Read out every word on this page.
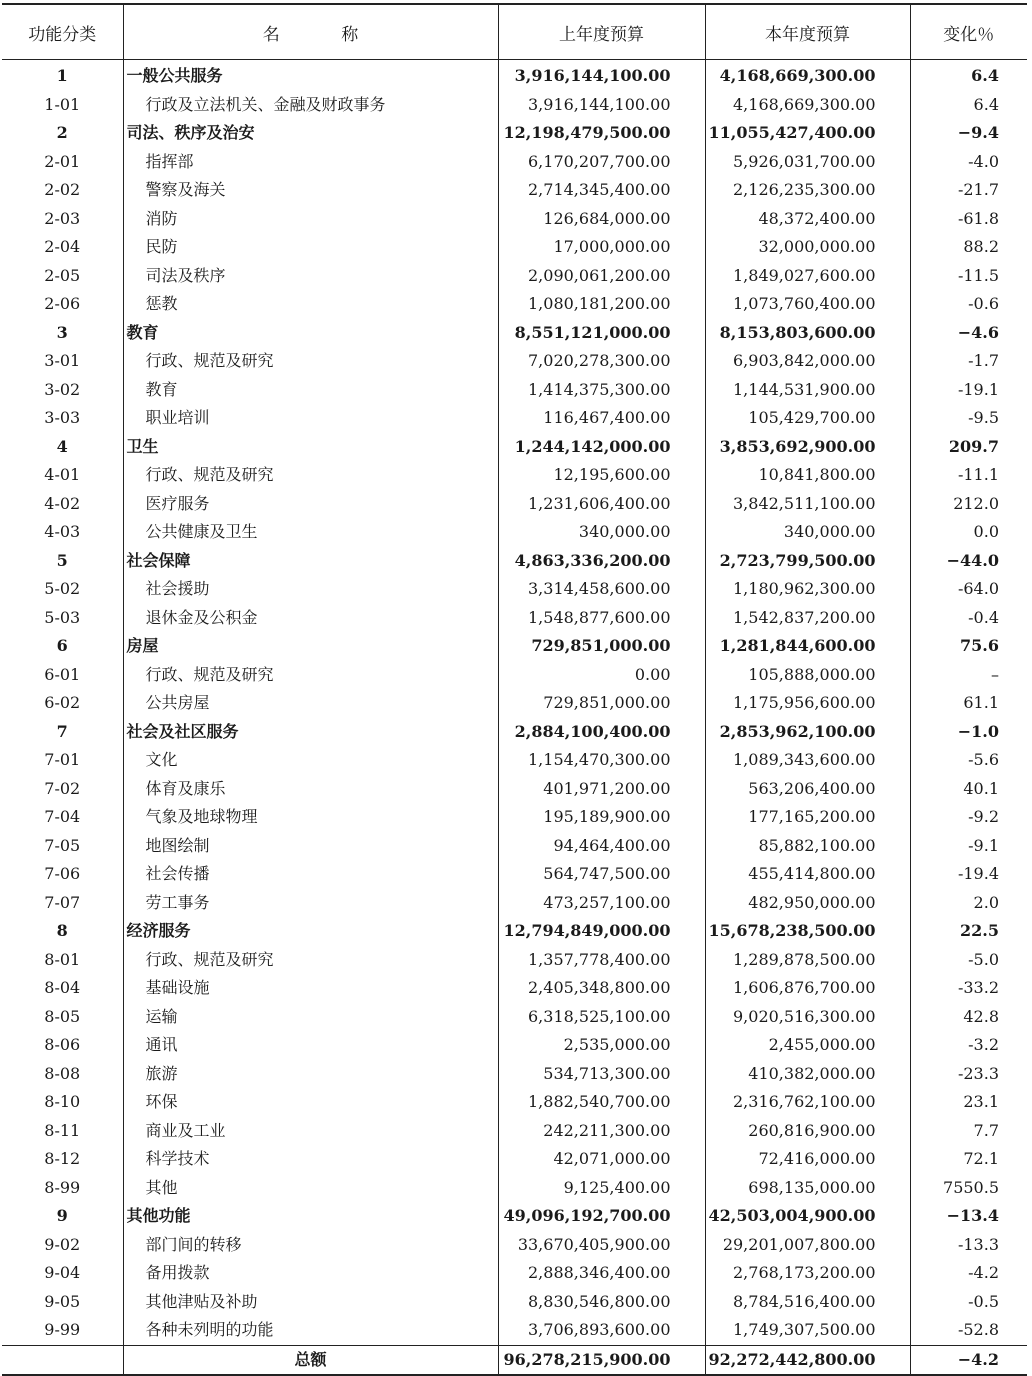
功能分类	名 称	上年度预算	本年度预算	变化％
1	一般公共服务	3,916,144,100.00	4,168,669,300.00	6.4
1-01	行政及立法机关、金融及财政事务	3,916,144,100.00	4,168,669,300.00	6.4
2	司法、秩序及治安	12,198,479,500.00	11,055,427,400.00	−9.4
2-01	指挥部	6,170,207,700.00	5,926,031,700.00	-4.0
2-02	警察及海关	2,714,345,400.00	2,126,235,300.00	-21.7
2-03	消防	126,684,000.00	48,372,400.00	-61.8
2-04	民防	17,000,000.00	32,000,000.00	88.2
2-05	司法及秩序	2,090,061,200.00	1,849,027,600.00	-11.5
2-06	惩教	1,080,181,200.00	1,073,760,400.00	-0.6
3	教育	8,551,121,000.00	8,153,803,600.00	−4.6
3-01	行政、规范及研究	7,020,278,300.00	6,903,842,000.00	-1.7
3-02	教育	1,414,375,300.00	1,144,531,900.00	-19.1
3-03	职业培训	116,467,400.00	105,429,700.00	-9.5
4	卫生	1,244,142,000.00	3,853,692,900.00	209.7
4-01	行政、规范及研究	12,195,600.00	10,841,800.00	-11.1
4-02	医疗服务	1,231,606,400.00	3,842,511,100.00	212.0
4-03	公共健康及卫生	340,000.00	340,000.00	0.0
5	社会保障	4,863,336,200.00	2,723,799,500.00	−44.0
5-02	社会援助	3,314,458,600.00	1,180,962,300.00	-64.0
5-03	退休金及公积金	1,548,877,600.00	1,542,837,200.00	-0.4
6	房屋	729,851,000.00	1,281,844,600.00	75.6
6-01	行政、规范及研究	0.00	105,888,000.00	–
6-02	公共房屋	729,851,000.00	1,175,956,600.00	61.1
7	社会及社区服务	2,884,100,400.00	2,853,962,100.00	−1.0
7-01	文化	1,154,470,300.00	1,089,343,600.00	-5.6
7-02	体育及康乐	401,971,200.00	563,206,400.00	40.1
7-04	气象及地球物理	195,189,900.00	177,165,200.00	-9.2
7-05	地图绘制	94,464,400.00	85,882,100.00	-9.1
7-06	社会传播	564,747,500.00	455,414,800.00	-19.4
7-07	劳工事务	473,257,100.00	482,950,000.00	2.0
8	经济服务	12,794,849,000.00	15,678,238,500.00	22.5
8-01	行政、规范及研究	1,357,778,400.00	1,289,878,500.00	-5.0
8-04	基础设施	2,405,348,800.00	1,606,876,700.00	-33.2
8-05	运输	6,318,525,100.00	9,020,516,300.00	42.8
8-06	通讯	2,535,000.00	2,455,000.00	-3.2
8-08	旅游	534,713,300.00	410,382,000.00	-23.3
8-10	环保	1,882,540,700.00	2,316,762,100.00	23.1
8-11	商业及工业	242,211,300.00	260,816,900.00	7.7
8-12	科学技术	42,071,000.00	72,416,000.00	72.1
8-99	其他	9,125,400.00	698,135,000.00	7550.5
9	其他功能	49,096,192,700.00	42,503,004,900.00	−13.4
9-02	部门间的转移	33,670,405,900.00	29,201,007,800.00	-13.3
9-04	备用拨款	2,888,346,400.00	2,768,173,200.00	-4.2
9-05	其他津贴及补助	8,830,546,800.00	8,784,516,400.00	-0.5
9-99	各种未列明的功能	3,706,893,600.00	1,749,307,500.00	-52.8
	总额	96,278,215,900.00	92,272,442,800.00	−4.2
